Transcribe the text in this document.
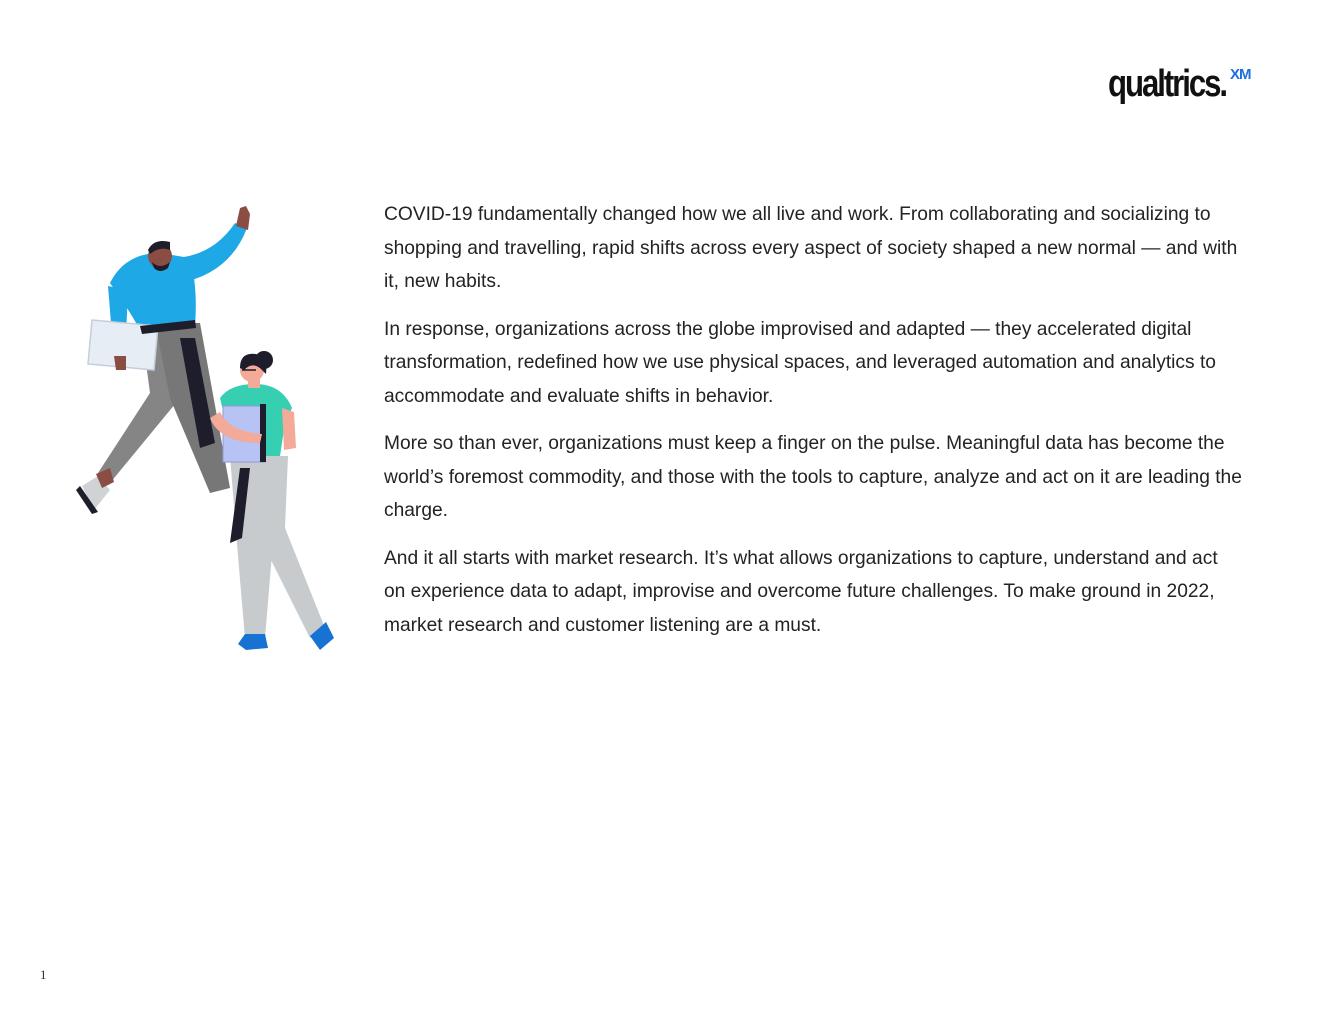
qualtrics. XM

COVID-19 fundamentally changed how we all live and work. From collaborating and socializing to shopping and travelling, rapid shifts across every aspect of society shaped a new normal — and with it, new habits.

In response, organizations across the globe improvised and adapted — they accelerated digital transformation, redefined how we use physical spaces, and leveraged automation and analytics to accommodate and evaluate shifts in behavior.

More so than ever, organizations must keep a finger on the pulse. Meaningful data has become the world’s foremost commodity, and those with the tools to capture, analyze and act on it are leading the charge.

And it all starts with market research. It’s what allows organizations to capture, understand and act on experience data to adapt, improvise and overcome future challenges. To make ground in 2022, market research and customer listening are a must.

1
